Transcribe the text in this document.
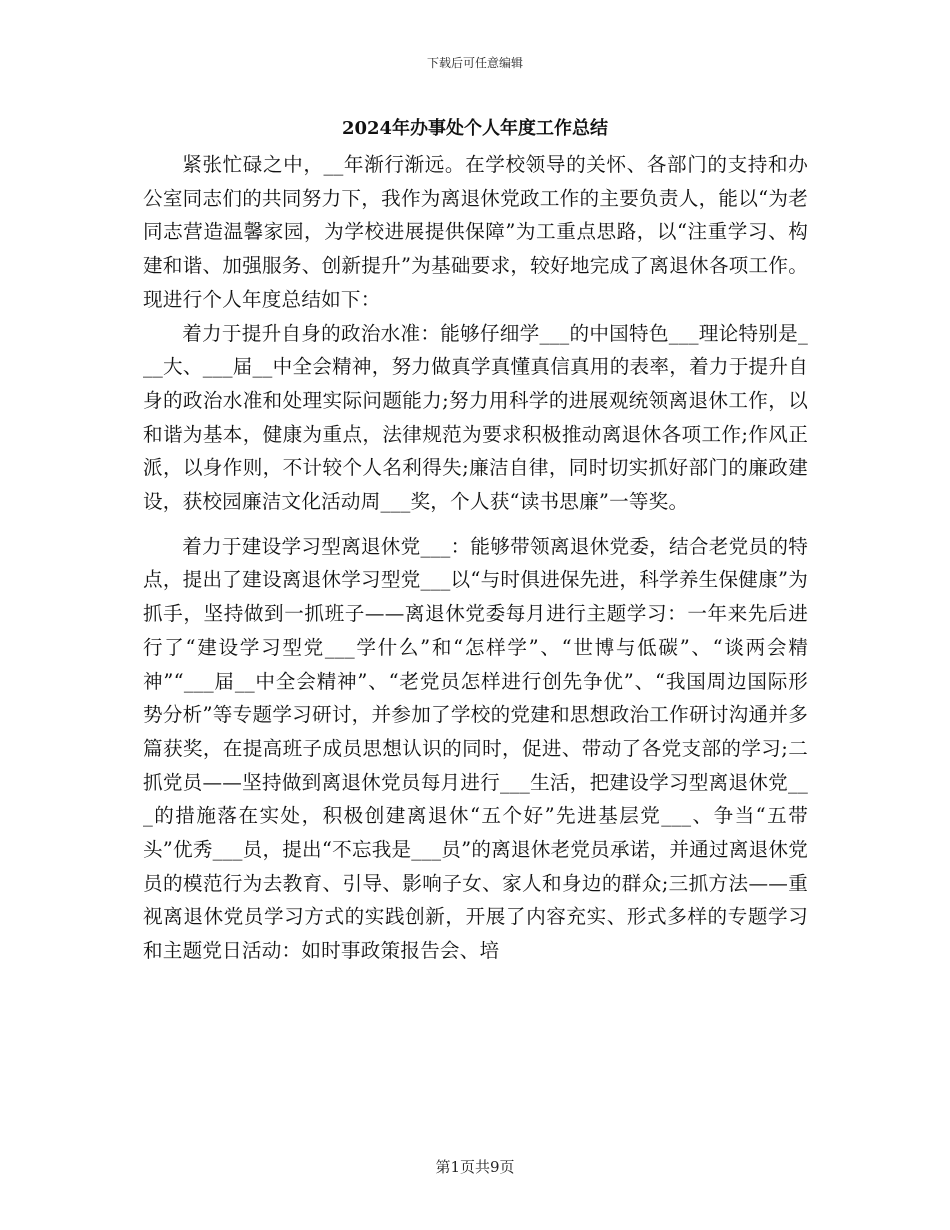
下载后可任意编辑
2024年办事处个人年度工作总结

紧张忙碌之中，__年渐行渐远。在学校领导的关怀、各部门的支持和办公室同志们的共同努力下，我作为离退休党政工作的主要负责人，能以“为老同志营造温馨家园，为学校进展提供保障”为工重点思路，以“注重学习、构建和谐、加强服务、创新提升”为基础要求，较好地完成了离退休各项工作。现进行个人年度总结如下：

着力于提升自身的政治水准：能够仔细学___的中国特色___理论特别是___大、___届__中全会精神，努力做真学真懂真信真用的表率，着力于提升自身的政治水准和处理实际问题能力;努力用科学的进展观统领离退休工作，以和谐为基本，健康为重点，法律规范为要求积极推动离退休各项工作;作风正派，以身作则，不计较个人名利得失;廉洁自律，同时切实抓好部门的廉政建设，获校园廉洁文化活动周___奖，个人获“读书思廉”一等奖。

着力于建设学习型离退休党___：能够带领离退休党委，结合老党员的特点，提出了建设离退休学习型党___以“与时俱进保先进，科学养生保健康”为抓手，坚持做到一抓班子——离退休党委每月进行主题学习：一年来先后进行了“建设学习型党___学什么”和“怎样学”、“世博与低碳”、“谈两会精神”“___届__中全会精神”、“老党员怎样进行创先争优”、“我国周边国际形势分析”等专题学习研讨，并参加了学校的党建和思想政治工作研讨沟通并多篇获奖，在提高班子成员思想认识的同时，促进、带动了各党支部的学习;二抓党员——坚持做到离退休党员每月进行___生活，把建设学习型离退休党___的措施落在实处，积极创建离退休“五个好”先进基层党___、争当“五带头”优秀___员，提出“不忘我是___员”的离退休老党员承诺，并通过离退休党员的模范行为去教育、引导、影响子女、家人和身边的群众;三抓方法——重视离退休党员学习方式的实践创新，开展了内容充实、形式多样的专题学习和主题党日活动：如时事政策报告会、培

第1页共9页
